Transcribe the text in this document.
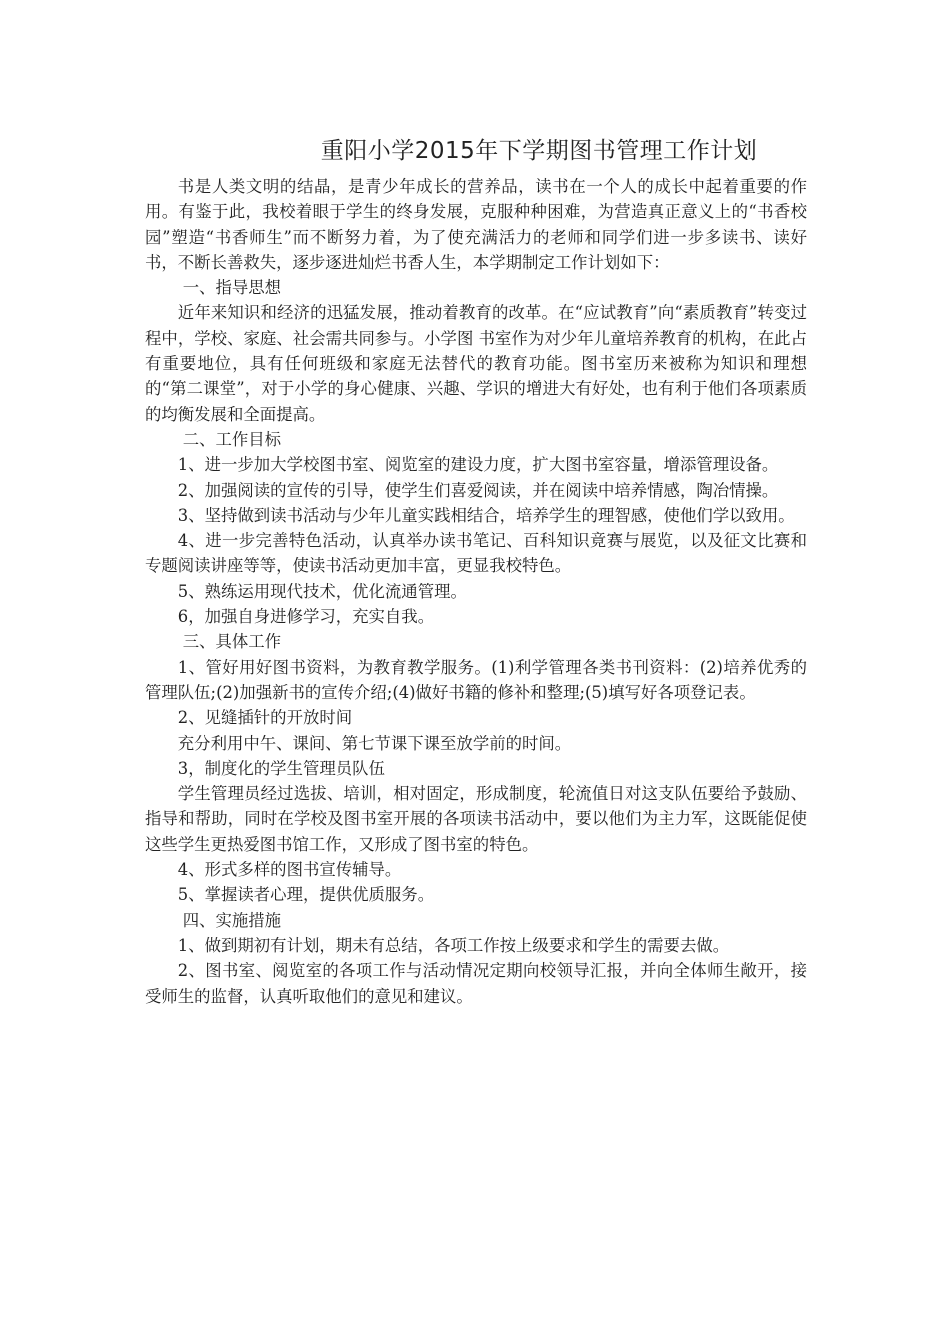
重阳小学2015年下学期图书管理工作计划

书是人类文明的结晶，是青少年成长的营养品，读书在一个人的成长中起着重要的作用。有鉴于此，我校着眼于学生的终身发展，克服种种困难，为营造真正意义上的“书香校园”塑造“书香师生”而不断努力着，为了使充满活力的老师和同学们进一步多读书、读好书，不断长善救失，逐步逐进灿烂书香人生，本学期制定工作计划如下：

一、指导思想

近年来知识和经济的迅猛发展，推动着教育的改革。在“应试教育”向“素质教育”转变过程中，学校、家庭、社会需共同参与。小学图 书室作为对少年儿童培养教育的机构，在此占有重要地位，具有任何班级和家庭无法替代的教育功能。图书室历来被称为知识和理想的“第二课堂”，对于小学的身心健康、兴趣、学识的增进大有好处，也有利于他们各项素质的均衡发展和全面提高。

二、工作目标

1、进一步加大学校图书室、阅览室的建设力度，扩大图书室容量，增添管理设备。

2、加强阅读的宣传的引导，使学生们喜爱阅读，并在阅读中培养情感，陶冶情操。

3、坚持做到读书活动与少年儿童实践相结合，培养学生的理智感，使他们学以致用。

4、进一步完善特色活动，认真举办读书笔记、百科知识竟赛与展览，以及征文比赛和专题阅读讲座等等，使读书活动更加丰富，更显我校特色。

5、熟练运用现代技术，优化流通管理。

6，加强自身进修学习，充实自我。

三、具体工作

1、管好用好图书资料，为教育教学服务。(1)利学管理各类书刊资料：(2)培养优秀的管理队伍;(2)加强新书的宣传介绍;(4)做好书籍的修补和整理;(5)填写好各项登记表。

2、见缝插针的开放时间

充分利用中午、课间、第七节课下课至放学前的时间。

3，制度化的学生管理员队伍

学生管理员经过选拔、培训，相对固定，形成制度，轮流值日对这支队伍要给予鼓励、指导和帮助，同时在学校及图书室开展的各项读书活动中，要以他们为主力军，这既能促使这些学生更热爱图书馆工作，又形成了图书室的特色。

4、形式多样的图书宣传辅导。

5、掌握读者心理，提供优质服务。

四、实施措施

1、做到期初有计划，期未有总结，各项工作按上级要求和学生的需要去做。

2、图书室、阅览室的各项工作与活动情况定期向校领导汇报，并向全体师生敞开，接受师生的监督，认真听取他们的意见和建议。
